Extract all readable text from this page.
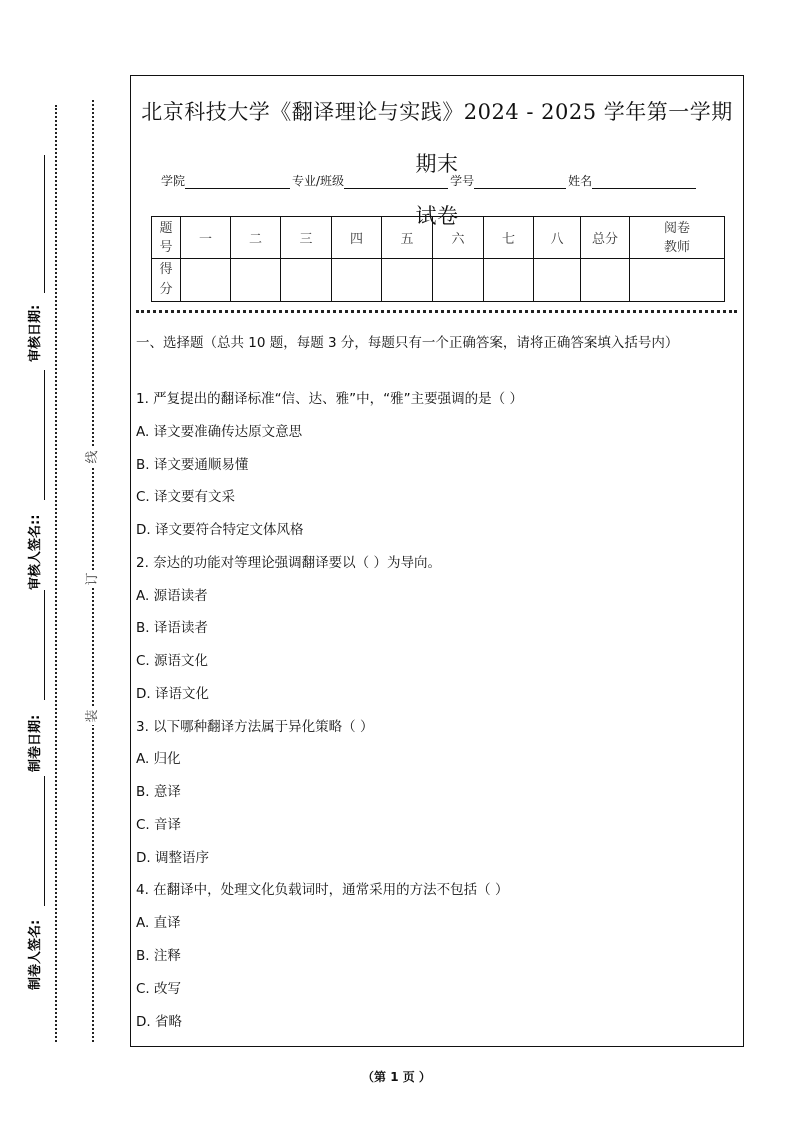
线
订
装
审核日期:
审核人签名::
制卷日期:
制卷人签名:
北京科技大学《翻译理论与实践》2024 - 2025 学年第一学期期末
试卷
学院	专业/班级	学号	姓名
题号	一	二	三	四	五	六	七	八	总分	阅卷教师
得分										
一、选择题（总共 10 题，每题 3 分，每题只有一个正确答案，请将正确答案填入括号内）
1. 严复提出的翻译标准“信、达、雅”中，“雅”主要强调的是（ ）
A. 译文要准确传达原文意思
B. 译文要通顺易懂
C. 译文要有文采
D. 译文要符合特定文体风格
2. 奈达的功能对等理论强调翻译要以（ ）为导向。
A. 源语读者
B. 译语读者
C. 源语文化
D. 译语文化
3. 以下哪种翻译方法属于异化策略（ ）
A. 归化
B. 意译
C. 音译
D. 调整语序
4. 在翻译中，处理文化负载词时，通常采用的方法不包括（ ）
A. 直译
B. 注释
C. 改写
D. 省略
（第 1 页 ）
